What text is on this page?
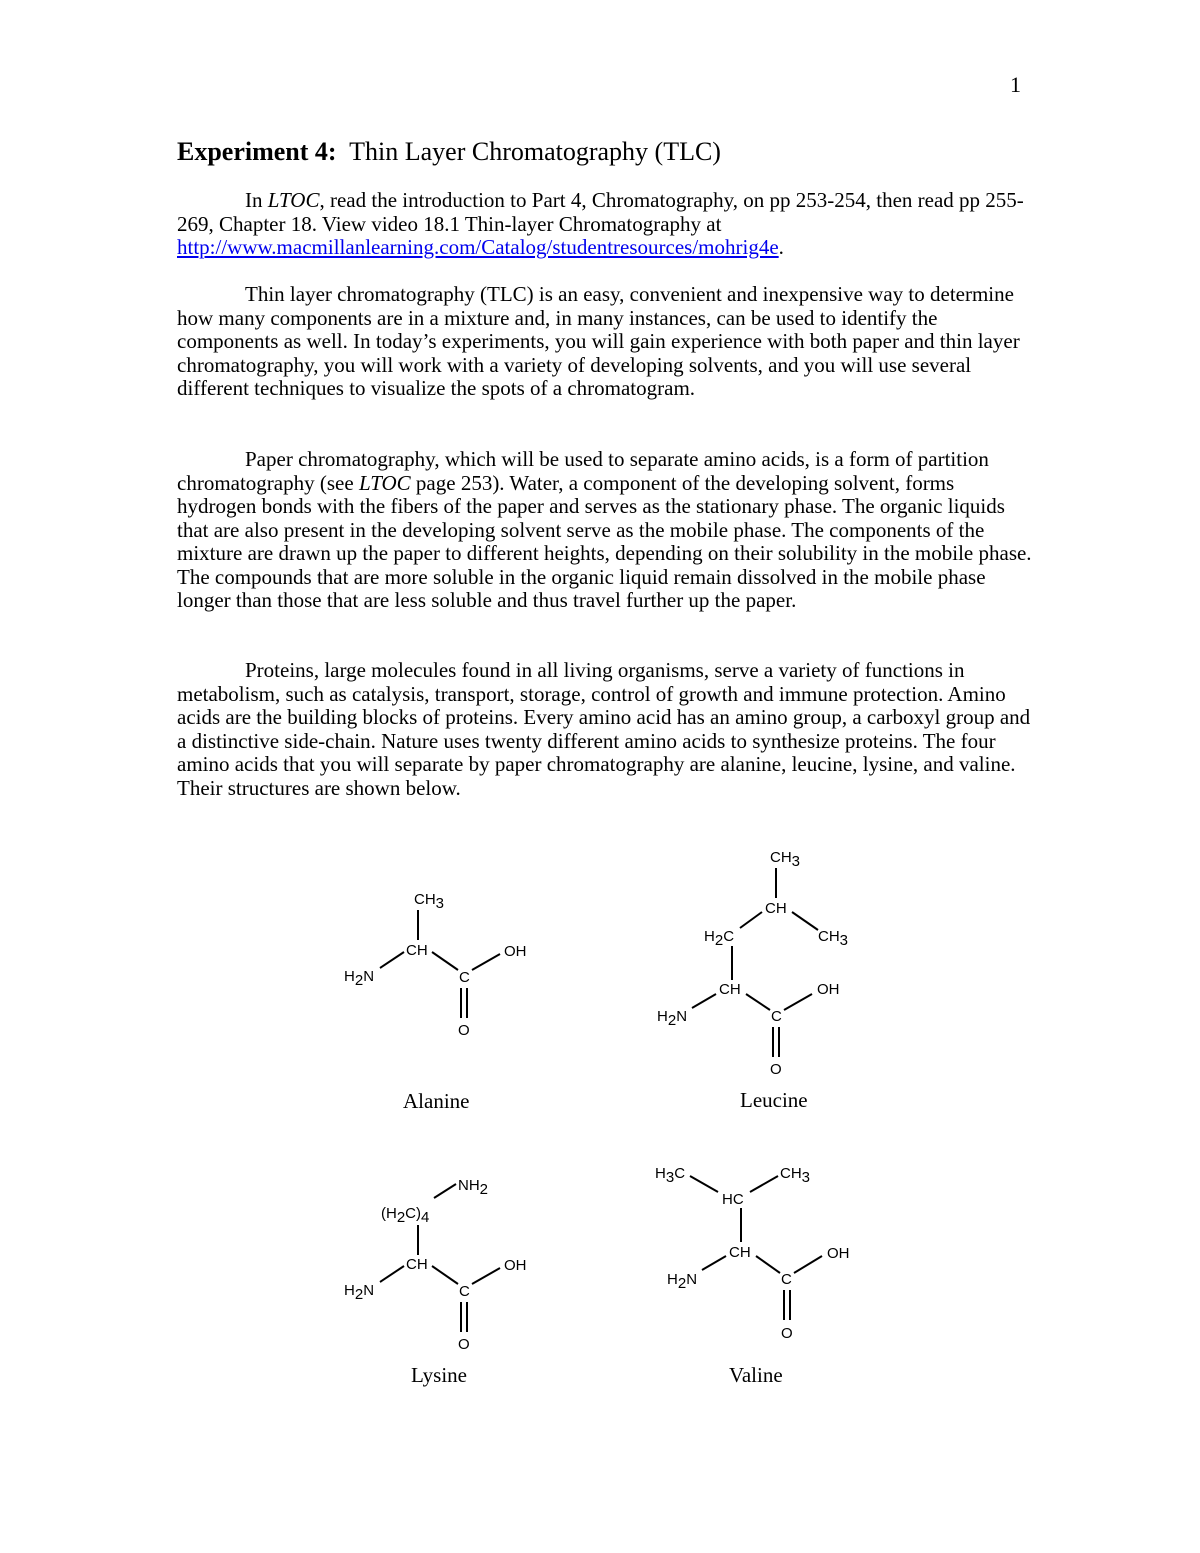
1
Experiment 4: Thin Layer Chromatography (TLC)

In LTOC, read the introduction to Part 4, Chromatography, on pp 253-254, then read pp 255-269, Chapter 18. View video 18.1 Thin-layer Chromatography at http://www.macmillanlearning.com/Catalog/studentresources/mohrig4e.

Thin layer chromatography (TLC) is an easy, convenient and inexpensive way to determine how many components are in a mixture and, in many instances, can be used to identify the components as well. In today’s experiments, you will gain experience with both paper and thin layer chromatography, you will work with a variety of developing solvents, and you will use several different techniques to visualize the spots of a chromatogram.

Paper chromatography, which will be used to separate amino acids, is a form of partition chromatography (see LTOC page 253). Water, a component of the developing solvent, forms hydrogen bonds with the fibers of the paper and serves as the stationary phase. The organic liquids that are also present in the developing solvent serve as the mobile phase. The components of the mixture are drawn up the paper to different heights, depending on their solubility in the mobile phase. The compounds that are more soluble in the organic liquid remain dissolved in the mobile phase longer than those that are less soluble and thus travel further up the paper.

Proteins, large molecules found in all living organisms, serve a variety of functions in metabolism, such as catalysis, transport, storage, control of growth and immune protection. Amino acids are the building blocks of proteins. Every amino acid has an amino group, a carboxyl group and a distinctive side-chain. Nature uses twenty different amino acids to synthesize proteins. The four amino acids that you will separate by paper chromatography are alanine, leucine, lysine, and valine. Their structures are shown below.

CH3
CH
H2N	C
OH
O
CH3
CH
CH3
H2C
CH
H2N	C
OH
O
NH2
(H2C)4
CH
H2N	C
OH
O
H3C
HC
CH3
CH
H2N	C
OH
O
Alanine	Leucine
Lysine	Valine
